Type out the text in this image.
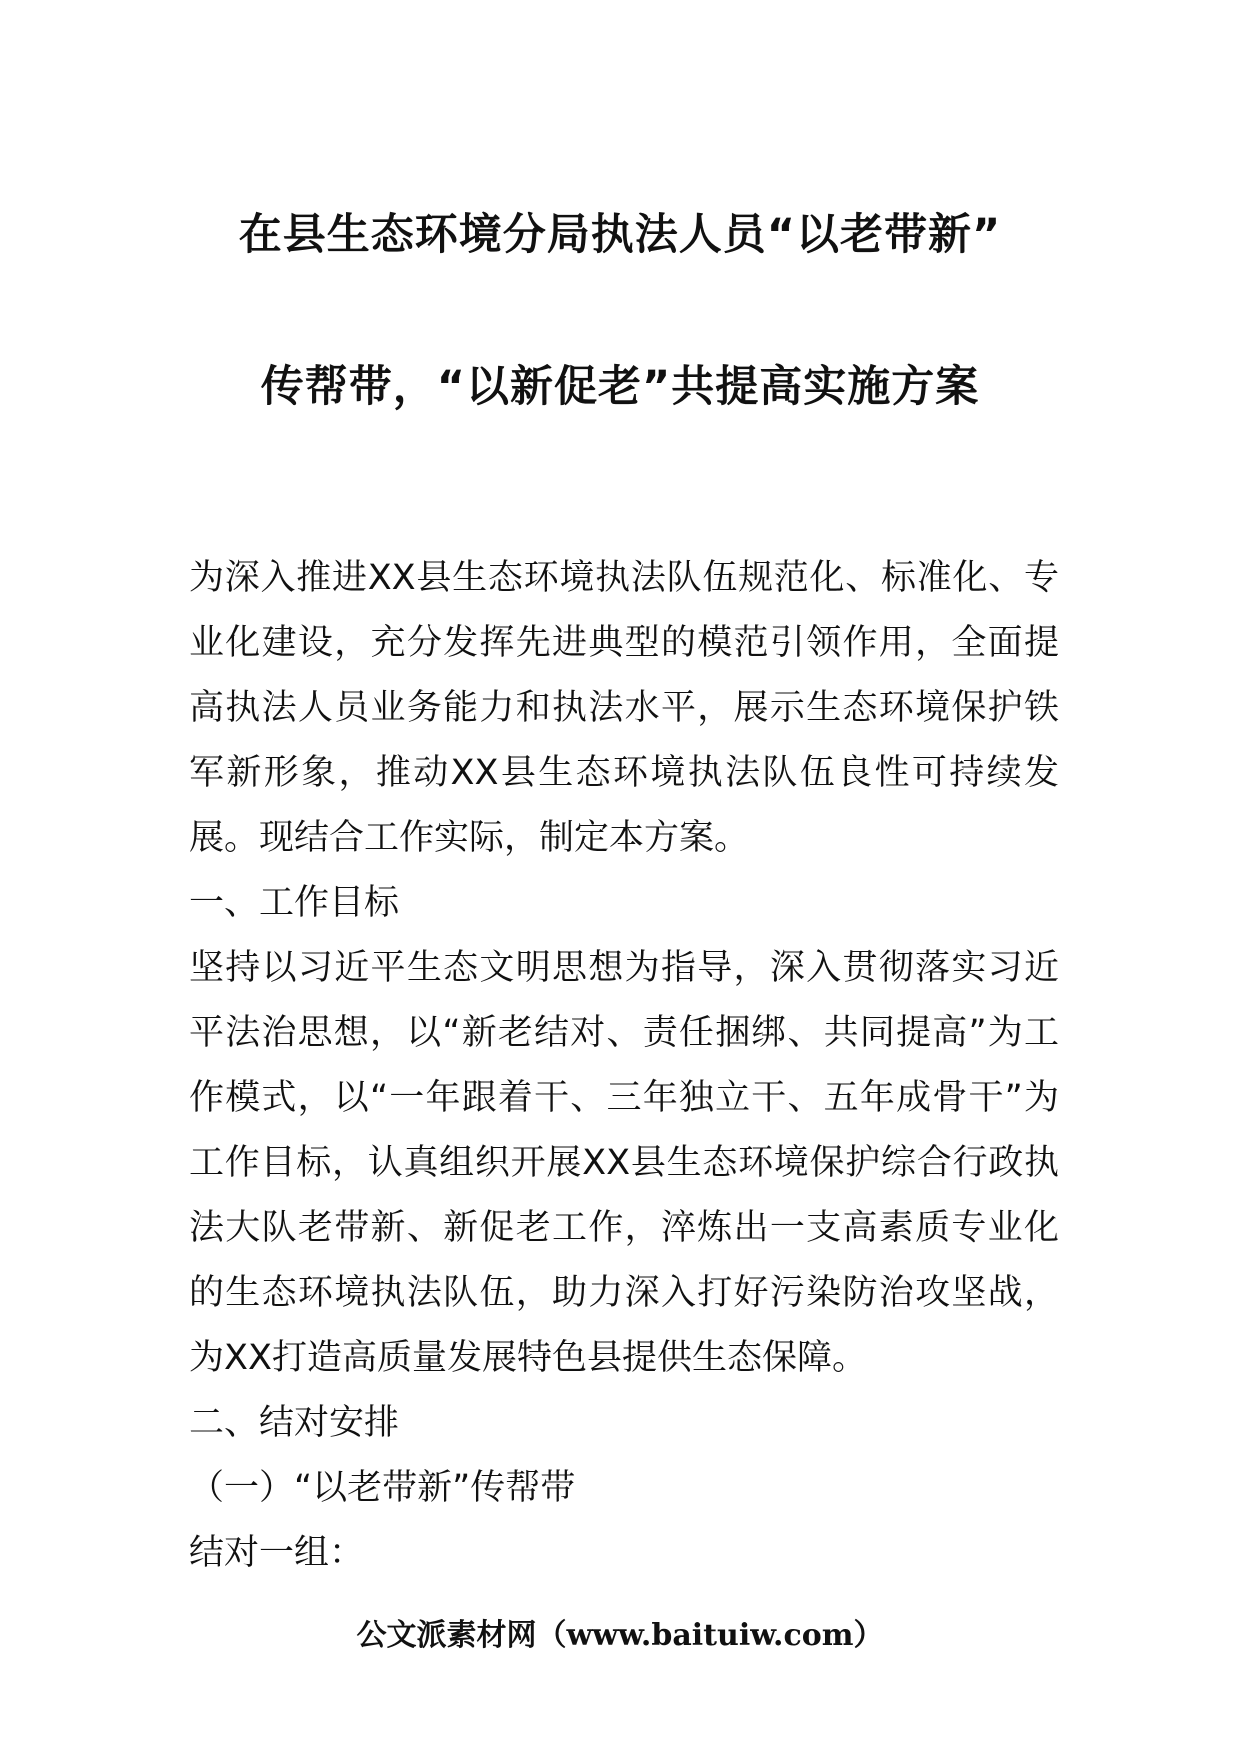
在县生态环境分局执法人员“以老带新”
传帮带，“以新促老”共提高实施方案

为深入推进XX县生态环境执法队伍规范化、标准化、专业化建设，充分发挥先进典型的模范引领作用，全面提高执法人员业务能力和执法水平，展示生态环境保护铁军新形象，推动XX县生态环境执法队伍良性可持续发展。现结合工作实际，制定本方案。

一、工作目标

坚持以习近平生态文明思想为指导，深入贯彻落实习近平法治思想，以“新老结对、责任捆绑、共同提高”为工作模式，以“一年跟着干、三年独立干、五年成骨干”为工作目标，认真组织开展XX县生态环境保护综合行政执法大队老带新、新促老工作，淬炼出一支高素质专业化的生态环境执法队伍，助力深入打好污染防治攻坚战，为XX打造高质量发展特色县提供生态保障。

二、结对安排

（一）“以老带新”传帮带

结对一组：

公文派素材网（www.baituiw.com）
